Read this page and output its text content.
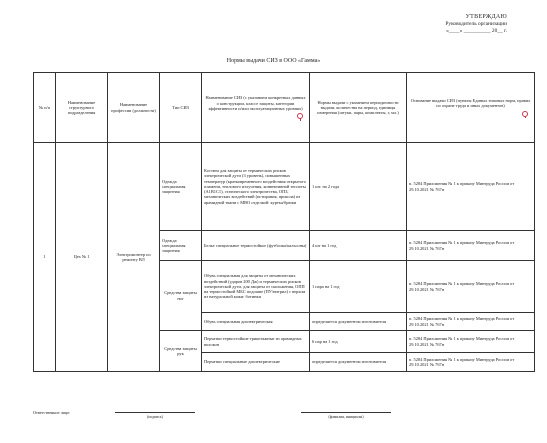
УТВЕРЖДАЮ
Руководитель организации
«____» __________ 20__ г.
Нормы выдачи СИЗ в ООО «Гамма»
№ п/п	Наименование структурного подразделения	Наименование профессии (должности)	Тип СИЗ	Наименование СИЗ (с указанием конкретных данных о конструкции, классе защиты, категории эффективности и/или эксплуатационных уровнях)	Нормы выдачи с указанием периодичности выдачи, количества на период, единицы измерения (штуки, пары, комплекты, г, мл.)	Основание выдачи СИЗ (пункты Единых типовых норм, правил по охране труда и иных документов)

1	Цех № 1	Электромонтер по ремонту ВЛ	Одежда специальная защитная	Костюм для защиты от термических рисков электрической дуги (3 уровень), повышенных температур (кратковременного воздействия открытого пламени, теплового излучения, конвективной теплоты (А1В1С1), статического электричества, ОПЗ, механических воздействий (истирания, прокола) из арамидной ткани с МВО отделкой: куртка/брюки	1 шт. на 2 года	п. 5284 Приложения № 1 к приказу Минтруда России от 29.10.2021 № 767н
			Одежда специальная защитная	Белье специальное термостойкое (футболка/кальсоны)	4 шт на 1 год	п. 5284 Приложения № 1 к приказу Минтруда России от 29.10.2021 № 767н
			Средства защиты ног	Обувь специальная для защиты от механических воздействий (ударов 200 Дж) и термических рисков электрической дуги, для защиты от скольжения, ОПП на термостойкой МБС подошве (ПУ/нитрил) с верхом из натуральной кожи: ботинки	1 пара на 1 год	п. 5284 Приложения № 1 к приказу Минтруда России от 29.10.2021 № 767н
				Обувь специальная диэлектрическая	определяется документом изготовителя	п. 5284 Приложения № 1 к приказу Минтруда России от 29.10.2021 № 767н
			Средства защиты рук	Перчатки термостойкие трикотажные из арамидных волокон	6 пар на 1 год	п. 5284 Приложения № 1 к приказу Минтруда России от 29.10.2021 № 767н
				Перчатки специальные диэлектрические	определяется документом изготовителя	п. 5284 Приложения № 1 к приказу Минтруда России от 29.10.2021 № 767н
Ответственное лицо:
(подпись)	(фамилия, инициалы)
